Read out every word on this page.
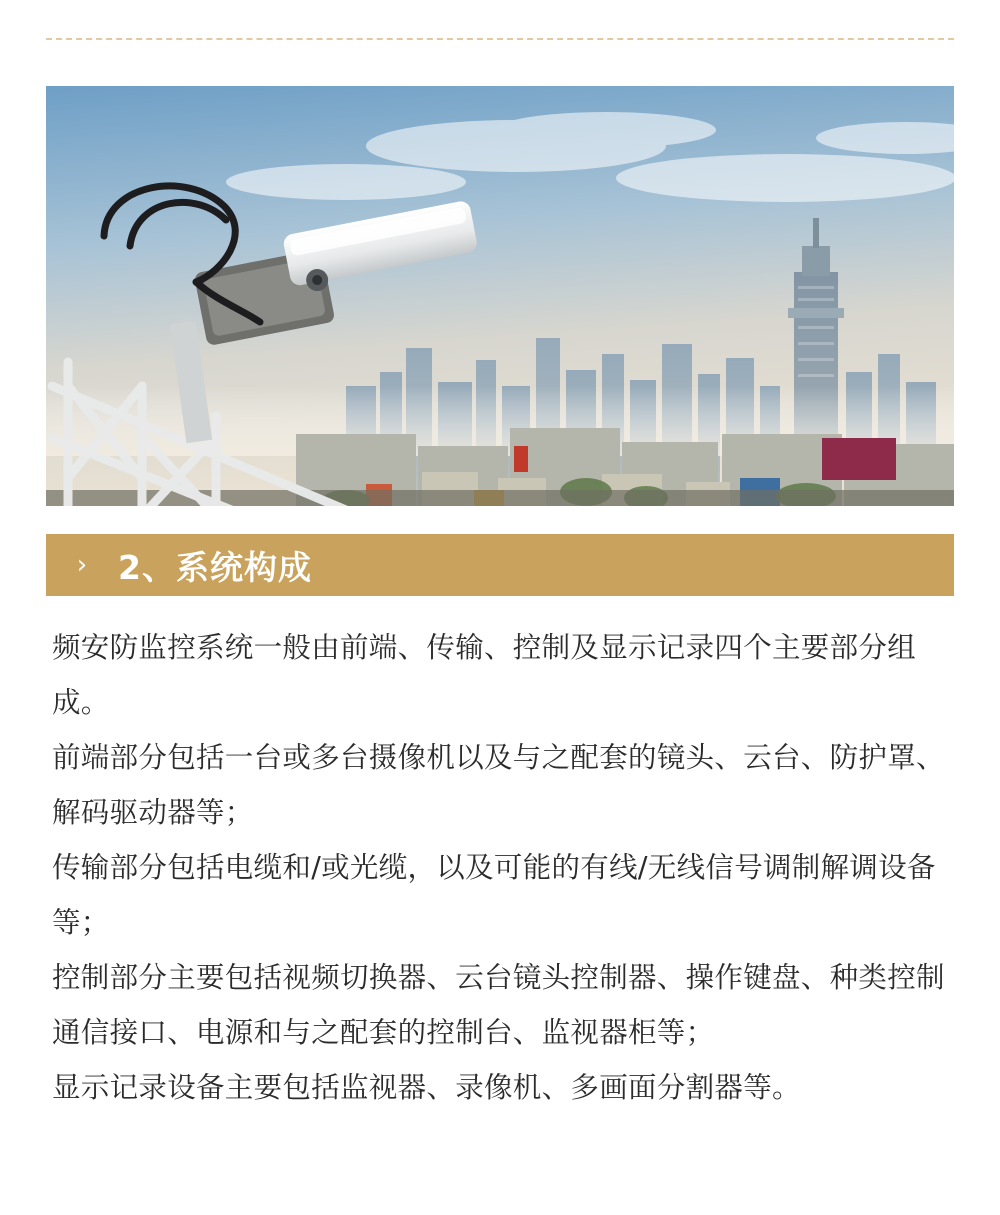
› 2、系统构成

频安防监控系统一般由前端、传输、控制及显示记录四个主要部分组成。

前端部分包括一台或多台摄像机以及与之配套的镜头、云台、防护罩、解码驱动器等；

传输部分包括电缆和/或光缆，以及可能的有线/无线信号调制解调设备等；

控制部分主要包括视频切换器、云台镜头控制器、操作键盘、种类控制通信接口、电源和与之配套的控制台、监视器柜等；

显示记录设备主要包括监视器、录像机、多画面分割器等。
